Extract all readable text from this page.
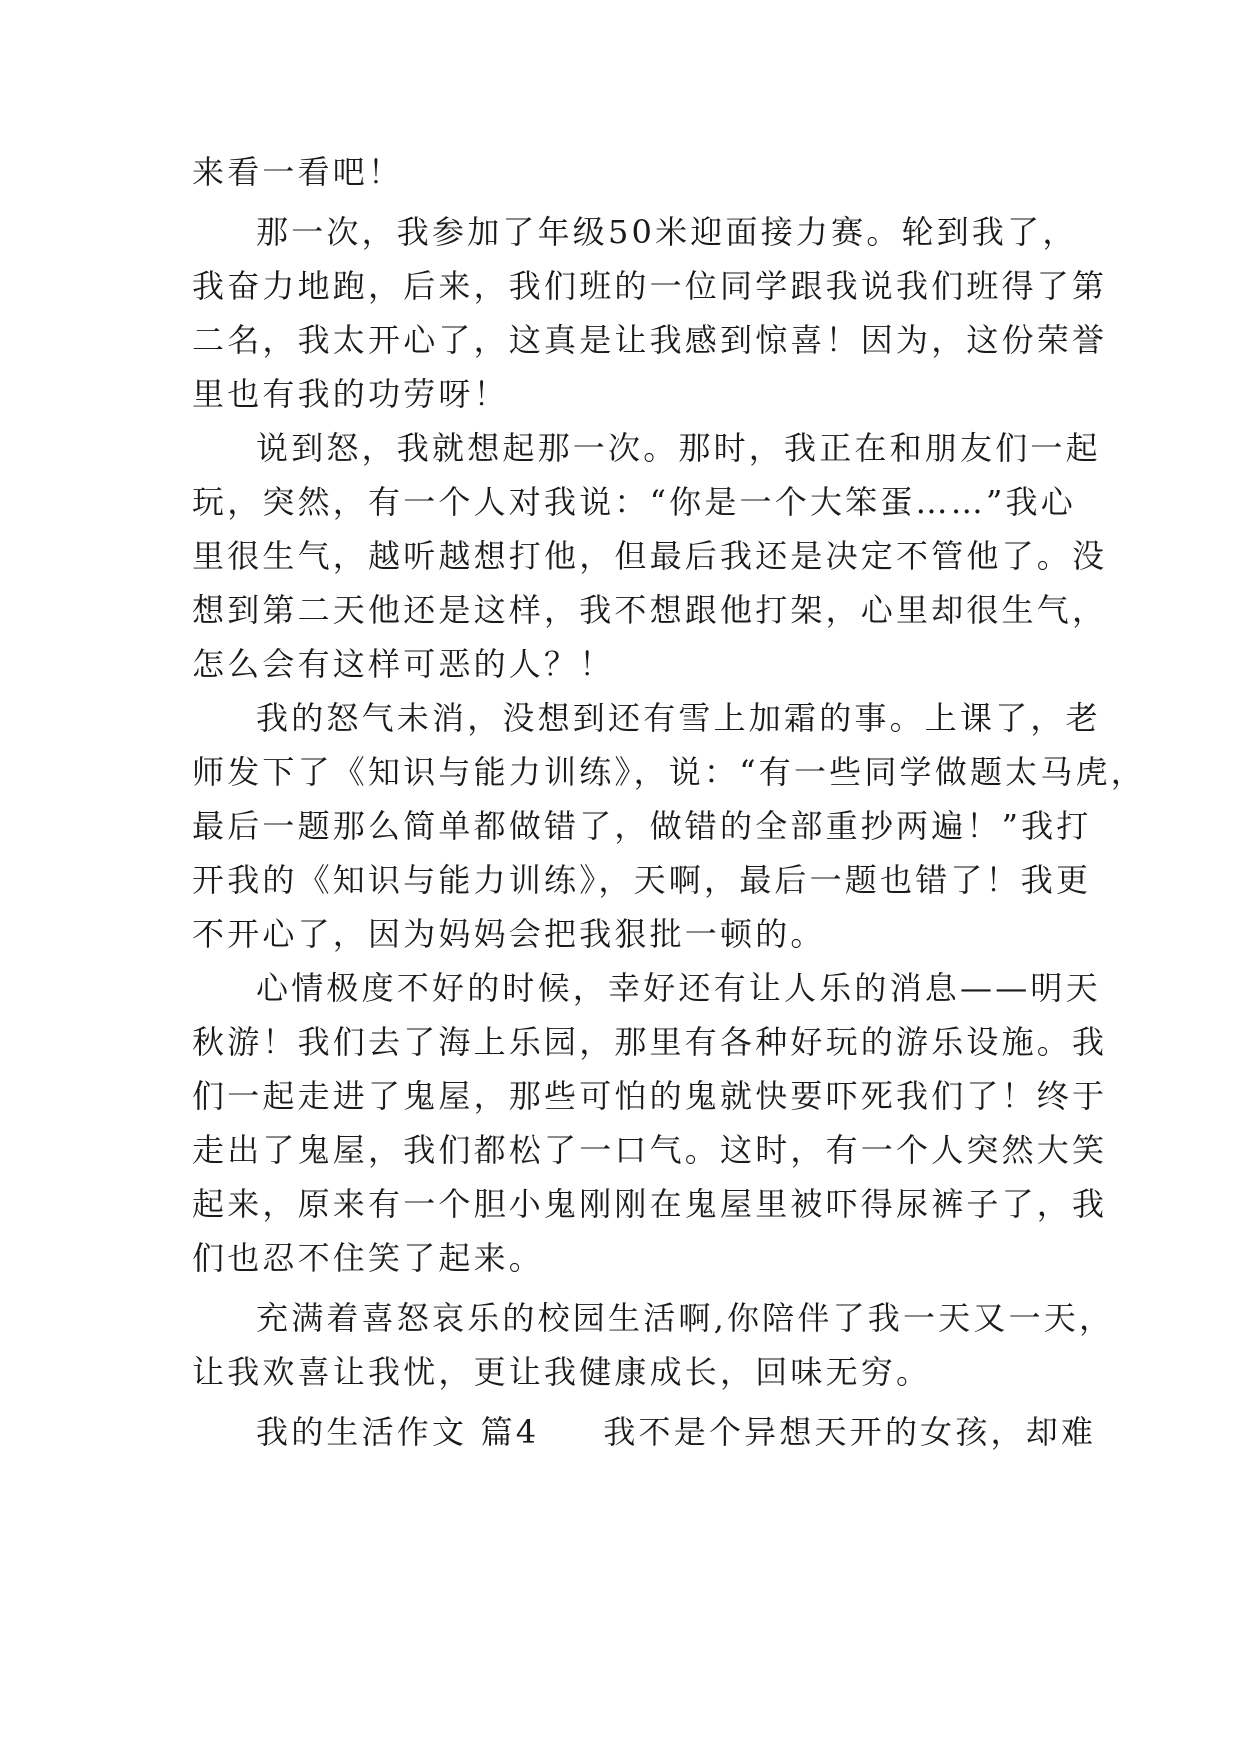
来看一看吧！
那一次，我参加了年级50米迎面接力赛。轮到我了，
我奋力地跑，后来，我们班的一位同学跟我说我们班得了第
二名，我太开心了，这真是让我感到惊喜！因为，这份荣誉
里也有我的功劳呀！
说到怒，我就想起那一次。那时，我正在和朋友们一起
玩，突然，有一个人对我说：“你是一个大笨蛋……”我心
里很生气，越听越想打他，但最后我还是决定不管他了。没
想到第二天他还是这样，我不想跟他打架，心里却很生气，
怎么会有这样可恶的人？！
我的怒气未消，没想到还有雪上加霜的事。上课了，老
师发下了《知识与能力训练》，说：“有一些同学做题太马虎，
最后一题那么简单都做错了，做错的全部重抄两遍！”我打
开我的《知识与能力训练》，天啊，最后一题也错了！我更
不开心了，因为妈妈会把我狠批一顿的。
心情极度不好的时候，幸好还有让人乐的消息——明天
秋游！我们去了海上乐园，那里有各种好玩的游乐设施。我
们一起走进了鬼屋，那些可怕的鬼就快要吓死我们了！终于
走出了鬼屋，我们都松了一口气。这时，有一个人突然大笑
起来，原来有一个胆小鬼刚刚在鬼屋里被吓得尿裤子了，我
们也忍不住笑了起来。
充满着喜怒哀乐的校园生活啊,你陪伴了我一天又一天，
让我欢喜让我忧，更让我健康成长，回味无穷。
我的生活作文 篇4 我不是个异想天开的女孩，却难
